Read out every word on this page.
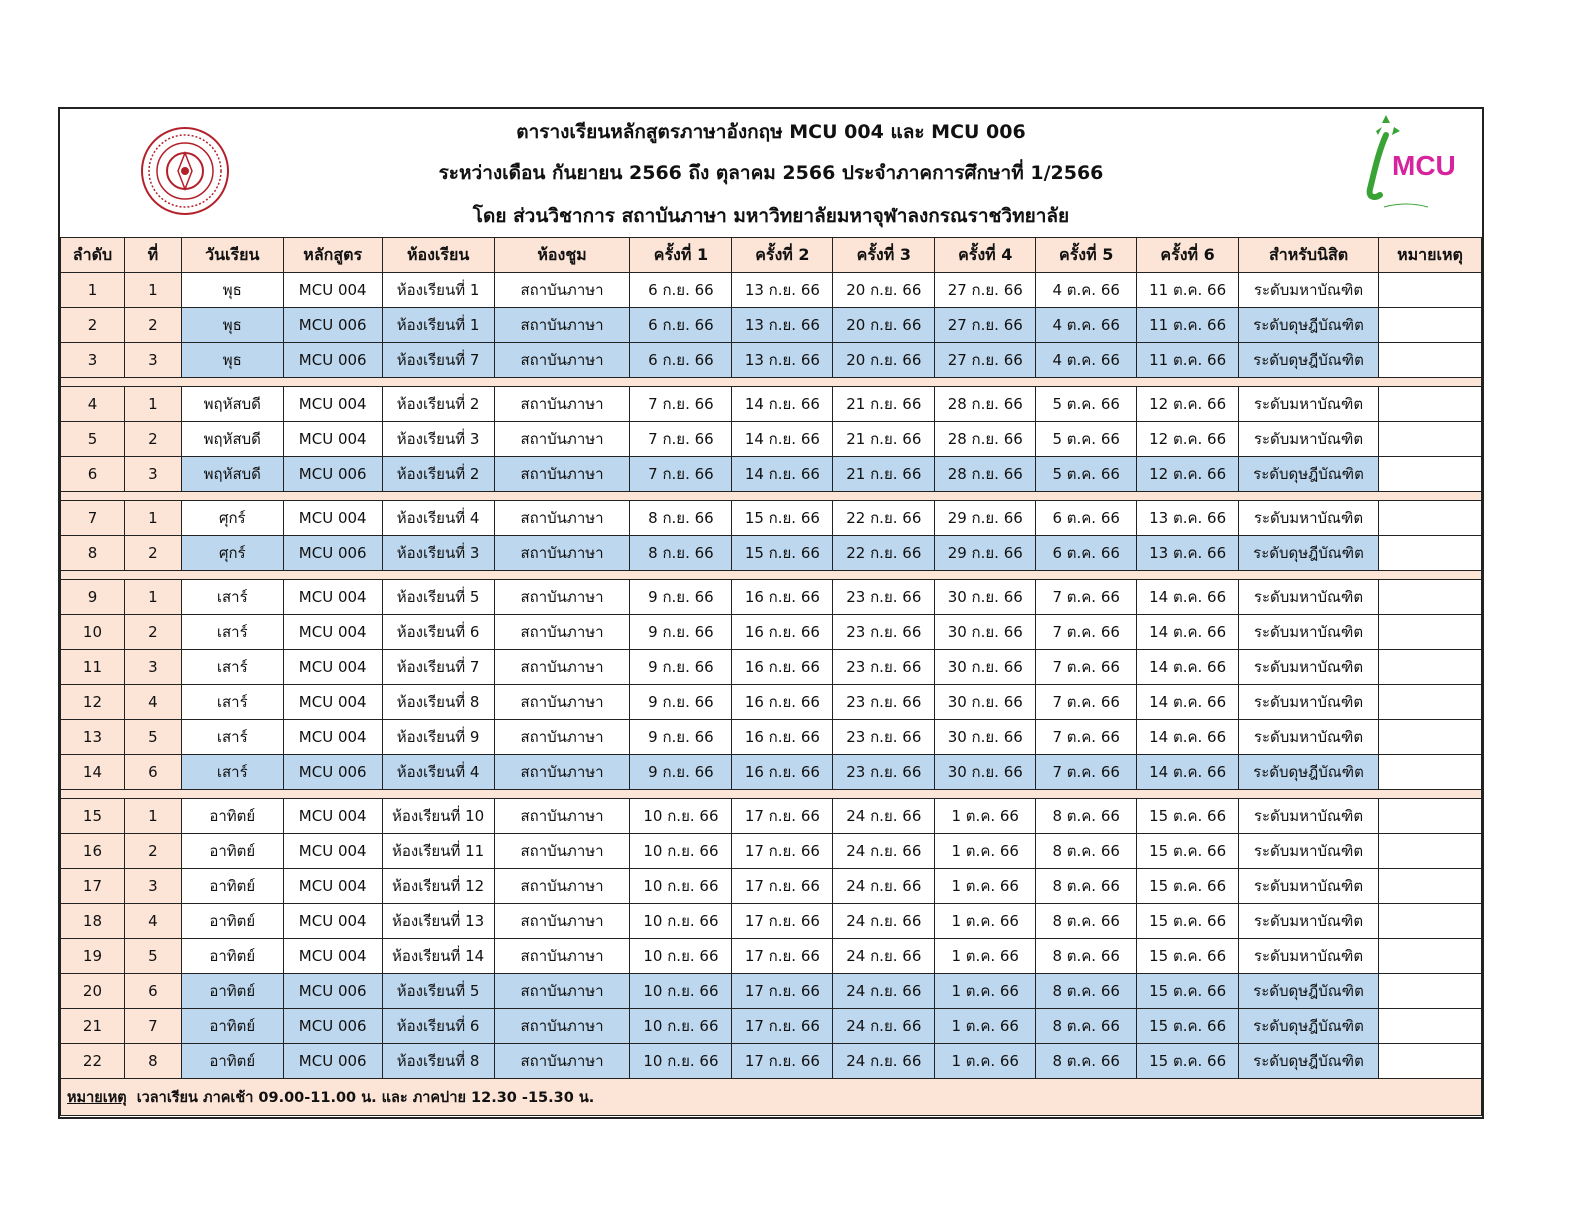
ตารางเรียนหลักสูตรภาษาอังกฤษ MCU 004 และ MCU 006
ระหว่างเดือน กันยายน 2566 ถึง ตุลาคม 2566 ประจำภาคการศึกษาที่ 1/2566
โดย ส่วนวิชาการ สถาบันภาษา มหาวิทยาลัยมหาจุฬาลงกรณราชวิทยาลัย
MCU
ลำดับ	ที่	วันเรียน	หลักสูตร	ห้องเรียน	ห้องชูม	ครั้งที่ 1	ครั้งที่ 2	ครั้งที่ 3	ครั้งที่ 4	ครั้งที่ 5	ครั้งที่ 6	สำหรับนิสิต	หมายเหตุ
1	1	พุธ	MCU 004	ห้องเรียนที่ 1	สถาบันภาษา	6 ก.ย. 66	13 ก.ย. 66	20 ก.ย. 66	27 ก.ย. 66	4 ต.ค. 66	11 ต.ค. 66	ระดับมหาบัณฑิต	
2	2	พุธ	MCU 006	ห้องเรียนที่ 1	สถาบันภาษา	6 ก.ย. 66	13 ก.ย. 66	20 ก.ย. 66	27 ก.ย. 66	4 ต.ค. 66	11 ต.ค. 66	ระดับดุษฎีบัณฑิต	
3	3	พุธ	MCU 006	ห้องเรียนที่ 7	สถาบันภาษา	6 ก.ย. 66	13 ก.ย. 66	20 ก.ย. 66	27 ก.ย. 66	4 ต.ค. 66	11 ต.ค. 66	ระดับดุษฎีบัณฑิต	

4	1	พฤหัสบดี	MCU 004	ห้องเรียนที่ 2	สถาบันภาษา	7 ก.ย. 66	14 ก.ย. 66	21 ก.ย. 66	28 ก.ย. 66	5 ต.ค. 66	12 ต.ค. 66	ระดับมหาบัณฑิต	
5	2	พฤหัสบดี	MCU 004	ห้องเรียนที่ 3	สถาบันภาษา	7 ก.ย. 66	14 ก.ย. 66	21 ก.ย. 66	28 ก.ย. 66	5 ต.ค. 66	12 ต.ค. 66	ระดับมหาบัณฑิต	
6	3	พฤหัสบดี	MCU 006	ห้องเรียนที่ 2	สถาบันภาษา	7 ก.ย. 66	14 ก.ย. 66	21 ก.ย. 66	28 ก.ย. 66	5 ต.ค. 66	12 ต.ค. 66	ระดับดุษฎีบัณฑิต	

7	1	ศุกร์	MCU 004	ห้องเรียนที่ 4	สถาบันภาษา	8 ก.ย. 66	15 ก.ย. 66	22 ก.ย. 66	29 ก.ย. 66	6 ต.ค. 66	13 ต.ค. 66	ระดับมหาบัณฑิต	
8	2	ศุกร์	MCU 006	ห้องเรียนที่ 3	สถาบันภาษา	8 ก.ย. 66	15 ก.ย. 66	22 ก.ย. 66	29 ก.ย. 66	6 ต.ค. 66	13 ต.ค. 66	ระดับดุษฎีบัณฑิต	

9	1	เสาร์	MCU 004	ห้องเรียนที่ 5	สถาบันภาษา	9 ก.ย. 66	16 ก.ย. 66	23 ก.ย. 66	30 ก.ย. 66	7 ต.ค. 66	14 ต.ค. 66	ระดับมหาบัณฑิต	
10	2	เสาร์	MCU 004	ห้องเรียนที่ 6	สถาบันภาษา	9 ก.ย. 66	16 ก.ย. 66	23 ก.ย. 66	30 ก.ย. 66	7 ต.ค. 66	14 ต.ค. 66	ระดับมหาบัณฑิต	
11	3	เสาร์	MCU 004	ห้องเรียนที่ 7	สถาบันภาษา	9 ก.ย. 66	16 ก.ย. 66	23 ก.ย. 66	30 ก.ย. 66	7 ต.ค. 66	14 ต.ค. 66	ระดับมหาบัณฑิต	
12	4	เสาร์	MCU 004	ห้องเรียนที่ 8	สถาบันภาษา	9 ก.ย. 66	16 ก.ย. 66	23 ก.ย. 66	30 ก.ย. 66	7 ต.ค. 66	14 ต.ค. 66	ระดับมหาบัณฑิต	
13	5	เสาร์	MCU 004	ห้องเรียนที่ 9	สถาบันภาษา	9 ก.ย. 66	16 ก.ย. 66	23 ก.ย. 66	30 ก.ย. 66	7 ต.ค. 66	14 ต.ค. 66	ระดับมหาบัณฑิต	
14	6	เสาร์	MCU 006	ห้องเรียนที่ 4	สถาบันภาษา	9 ก.ย. 66	16 ก.ย. 66	23 ก.ย. 66	30 ก.ย. 66	7 ต.ค. 66	14 ต.ค. 66	ระดับดุษฎีบัณฑิต	

15	1	อาทิตย์	MCU 004	ห้องเรียนที่ 10	สถาบันภาษา	10 ก.ย. 66	17 ก.ย. 66	24 ก.ย. 66	1 ต.ค. 66	8 ต.ค. 66	15 ต.ค. 66	ระดับมหาบัณฑิต	
16	2	อาทิตย์	MCU 004	ห้องเรียนที่ 11	สถาบันภาษา	10 ก.ย. 66	17 ก.ย. 66	24 ก.ย. 66	1 ต.ค. 66	8 ต.ค. 66	15 ต.ค. 66	ระดับมหาบัณฑิต	
17	3	อาทิตย์	MCU 004	ห้องเรียนที่ 12	สถาบันภาษา	10 ก.ย. 66	17 ก.ย. 66	24 ก.ย. 66	1 ต.ค. 66	8 ต.ค. 66	15 ต.ค. 66	ระดับมหาบัณฑิต	
18	4	อาทิตย์	MCU 004	ห้องเรียนที่ 13	สถาบันภาษา	10 ก.ย. 66	17 ก.ย. 66	24 ก.ย. 66	1 ต.ค. 66	8 ต.ค. 66	15 ต.ค. 66	ระดับมหาบัณฑิต	
19	5	อาทิตย์	MCU 004	ห้องเรียนที่ 14	สถาบันภาษา	10 ก.ย. 66	17 ก.ย. 66	24 ก.ย. 66	1 ต.ค. 66	8 ต.ค. 66	15 ต.ค. 66	ระดับมหาบัณฑิต	
20	6	อาทิตย์	MCU 006	ห้องเรียนที่ 5	สถาบันภาษา	10 ก.ย. 66	17 ก.ย. 66	24 ก.ย. 66	1 ต.ค. 66	8 ต.ค. 66	15 ต.ค. 66	ระดับดุษฎีบัณฑิต	
21	7	อาทิตย์	MCU 006	ห้องเรียนที่ 6	สถาบันภาษา	10 ก.ย. 66	17 ก.ย. 66	24 ก.ย. 66	1 ต.ค. 66	8 ต.ค. 66	15 ต.ค. 66	ระดับดุษฎีบัณฑิต	
22	8	อาทิตย์	MCU 006	ห้องเรียนที่ 8	สถาบันภาษา	10 ก.ย. 66	17 ก.ย. 66	24 ก.ย. 66	1 ต.ค. 66	8 ต.ค. 66	15 ต.ค. 66	ระดับดุษฎีบัณฑิต	
หมายเหตุ เวลาเรียน ภาคเช้า 09.00-11.00 น. และ ภาคบ่าย 12.30 -15.30 น.													
